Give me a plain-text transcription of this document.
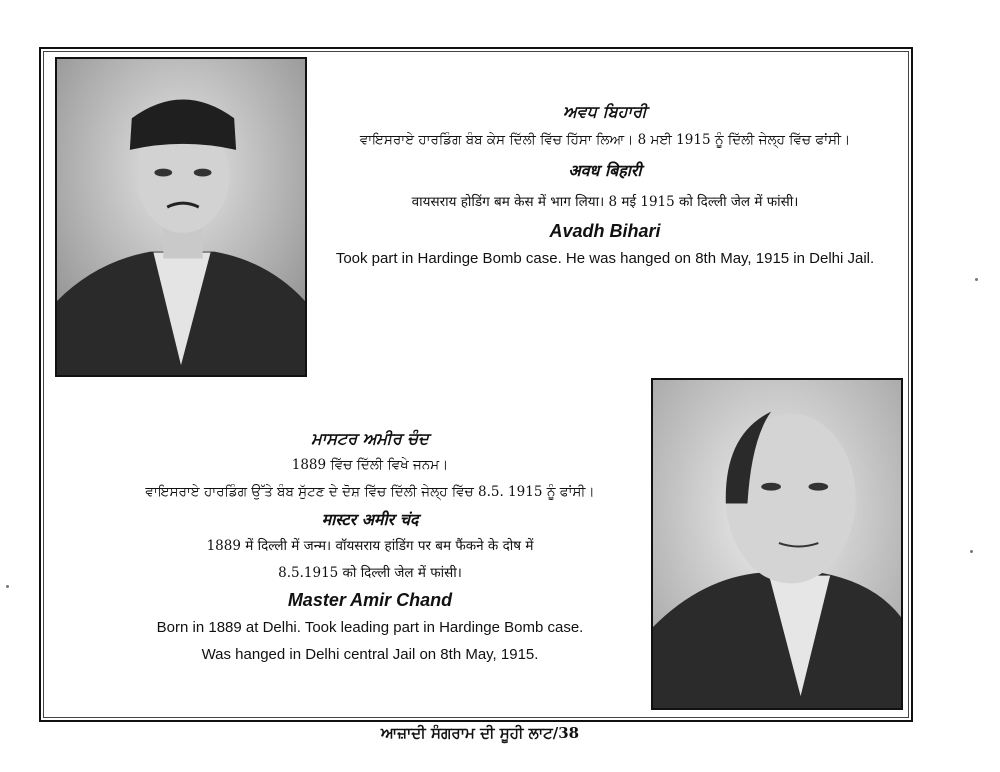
ਅਵਧ ਬਿਹਾਰੀ

ਵਾਇਸਰਾਏ ਹਾਰਡਿੰਗ ਬੰਬ ਕੇਸ ਦਿੱਲੀ ਵਿੱਚ ਹਿੱਸਾ ਲਿਆ। 8 ਮਈ 1915 ਨੂੰ ਦਿੱਲੀ ਜੇਲ੍ਹ ਵਿੱਚ ਫਾਂਸੀ।

अवध बिहारी

वायसराय होडिंग बम केस में भाग लिया। 8 मई 1915 को दिल्ली जेल में फांसी।

Avadh Bihari

Took part in Hardinge Bomb case. He was hanged on 8th May, 1915 in Delhi Jail.

ਮਾਸਟਰ ਅਮੀਰ ਚੰਦ

1889 ਵਿੱਚ ਦਿੱਲੀ ਵਿਖੇ ਜਨਮ।

ਵਾਇਸਰਾਏ ਹਾਰਡਿੰਗ ਉੱਤੇ ਬੰਬ ਸੁੱਟਣ ਦੇ ਦੋਸ਼ ਵਿੱਚ ਦਿੱਲੀ ਜੇਲ੍ਹ ਵਿੱਚ 8.5. 1915 ਨੂੰ ਫਾਂਸੀ।

मास्टर अमीर चंद

1889 में दिल्ली में जन्म। वॉयसराय हांडिंग पर बम फैंकने के दोष में

8.5.1915 को दिल्ली जेल में फांसी।

Master Amir Chand

Born in 1889 at Delhi. Took leading part in Hardinge Bomb case.

Was hanged in Delhi central Jail on 8th May, 1915.

ਆਜ਼ਾਦੀ ਸੰਗਰਾਮ ਦੀ ਸੂਹੀ ਲਾਟ/38
